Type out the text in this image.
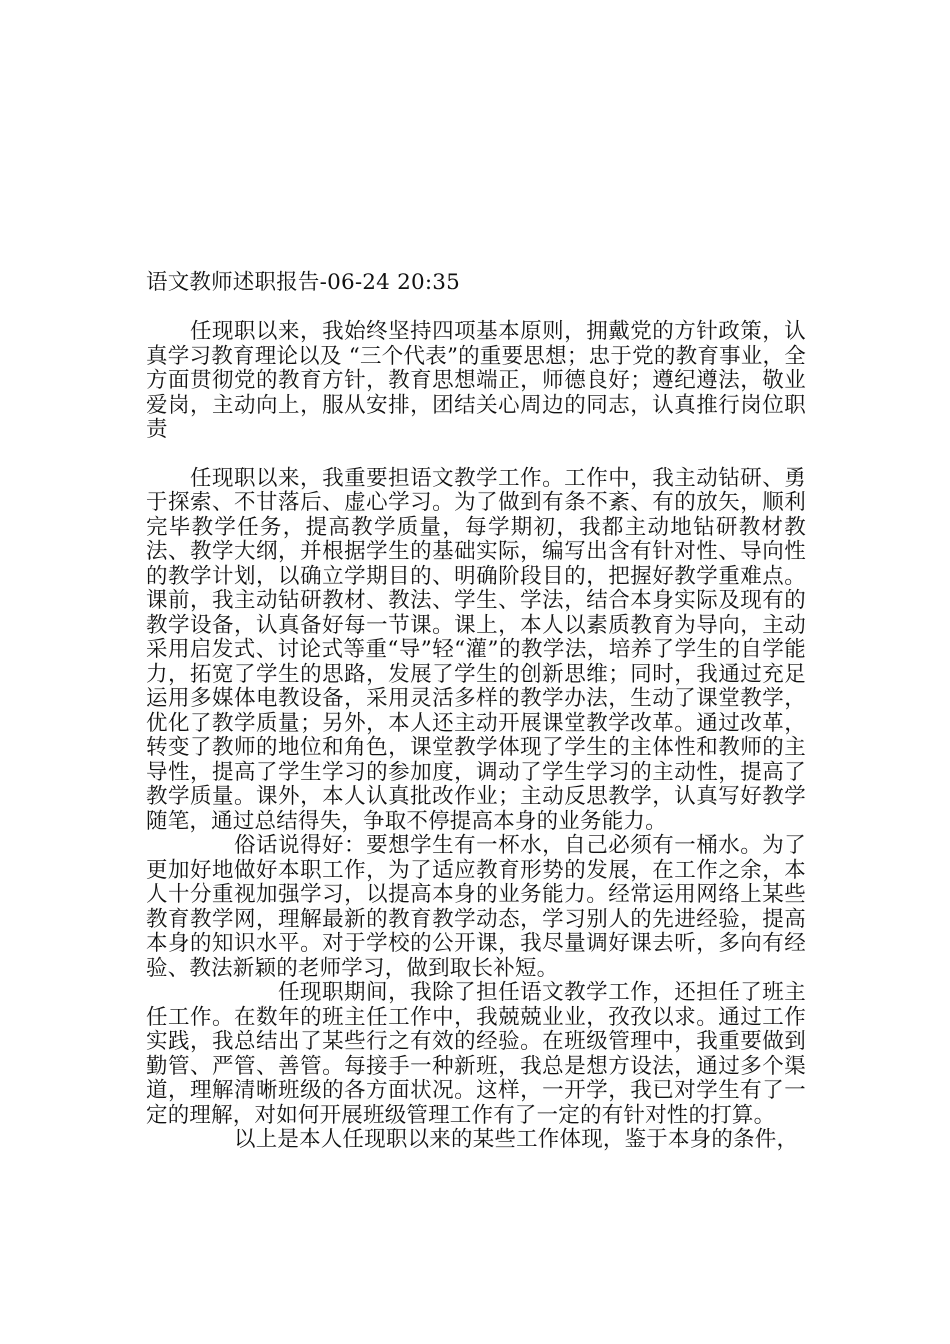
语文教师述职报告-06-24 20:35

任现职以来，我始终坚持四项基本原则，拥戴党的方针政策，认真学习教育理论以及 “三个代表”的重要思想；忠于党的教育事业，全方面贯彻党的教育方针，教育思想端正，师德良好；遵纪遵法，敬业爱岗，主动向上，服从安排，团结关心周边的同志，认真推行岗位职责

任现职以来，我重要担语文教学工作。工作中，我主动钻研、勇于探索、不甘落后、虚心学习。为了做到有条不紊、有的放矢，顺利完毕教学任务，提高教学质量，每学期初，我都主动地钻研教材教法、教学大纲，并根据学生的基础实际，编写出含有针对性、导向性的教学计划，以确立学期目的、明确阶段目的，把握好教学重难点。课前，我主动钻研教材、教法、学生、学法，结合本身实际及现有的教学设备，认真备好每一节课。课上，本人以素质教育为导向，主动采用启发式、讨论式等重“导”轻“灌”的教学法，培养了学生的自学能力，拓宽了学生的思路，发展了学生的创新思维；同时，我通过充足运用多媒体电教设备，采用灵活多样的教学办法，生动了课堂教学，优化了教学质量；另外，本人还主动开展课堂教学改革。通过改革，转变了教师的地位和角色，课堂教学体现了学生的主体性和教师的主导性，提高了学生学习的参加度，调动了学生学习的主动性，提高了教学质量。课外，本人认真批改作业；主动反思教学，认真写好教学随笔，通过总结得失，争取不停提高本身的业务能力。

俗话说得好：要想学生有一杯水，自己必须有一桶水。为了更加好地做好本职工作，为了适应教育形势的发展，在工作之余，本人十分重视加强学习，以提高本身的业务能力。经常运用网络上某些教育教学网，理解最新的教育教学动态，学习别人的先进经验，提高本身的知识水平。对于学校的公开课，我尽量调好课去听，多向有经验、教法新颖的老师学习，做到取长补短。

任现职期间，我除了担任语文教学工作，还担任了班主任工作。在数年的班主任工作中，我兢兢业业，孜孜以求。通过工作实践，我总结出了某些行之有效的经验。在班级管理中，我重要做到勤管、严管、善管。每接手一种新班，我总是想方设法，通过多个渠道，理解清晰班级的各方面状况。这样，一开学，我已对学生有了一定的理解，对如何开展班级管理工作有了一定的有针对性的打算。

以上是本人任现职以来的某些工作体现，鉴于本身的条件，
